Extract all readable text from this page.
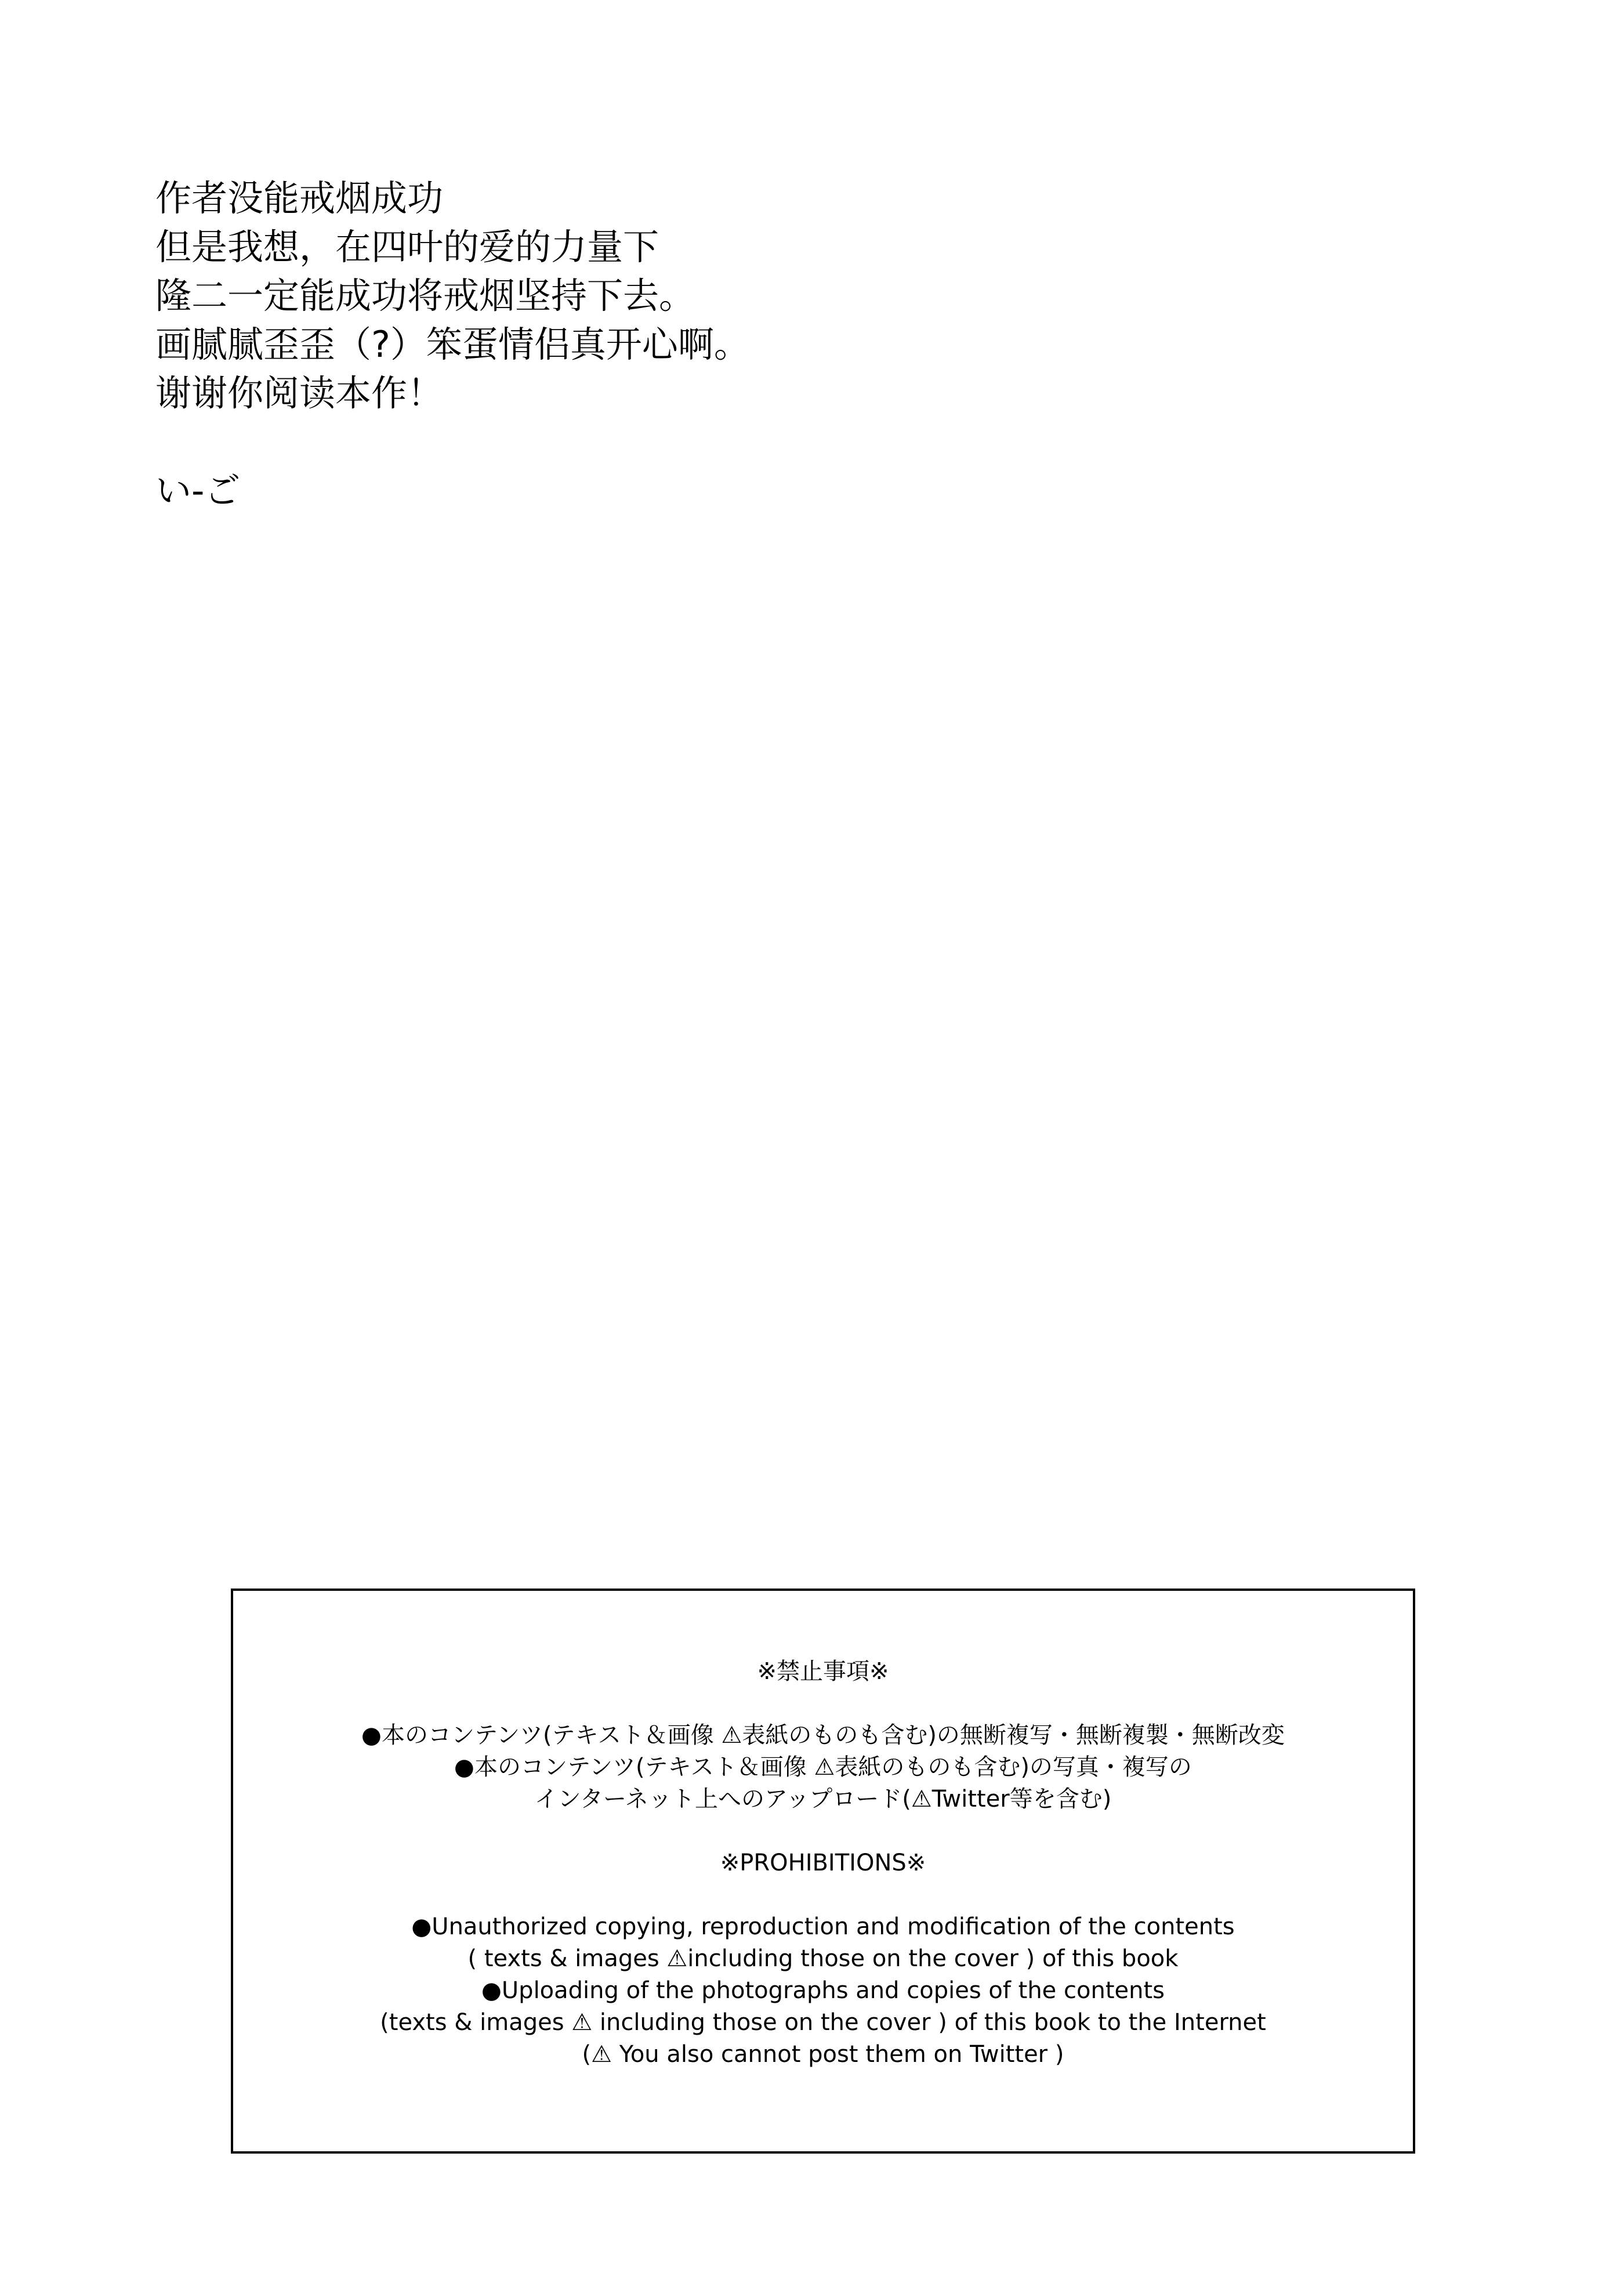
作者没能戒烟成功
但是我想，在四叶的爱的力量下
隆二一定能成功将戒烟坚持下去。
画腻腻歪歪（?）笨蛋情侣真开心啊。
谢谢你阅读本作！
い-ご
※禁止事項※
●本のコンテンツ(テキスト＆画像 ⚠表紙のものも含む)の無断複写・無断複製・無断改変
●本のコンテンツ(テキスト＆画像 ⚠表紙のものも含む)の写真・複写の
インターネット上へのアップロード(⚠Twitter等を含む)
※PROHIBITIONS※
●Unauthorized copying, reproduction and modification of the contents
( texts & images ⚠including those on the cover ) of this book
●Uploading of the photographs and copies of the contents
(texts & images ⚠ including those on the cover ) of this book to the Internet
(⚠ You also cannot post them on Twitter )
